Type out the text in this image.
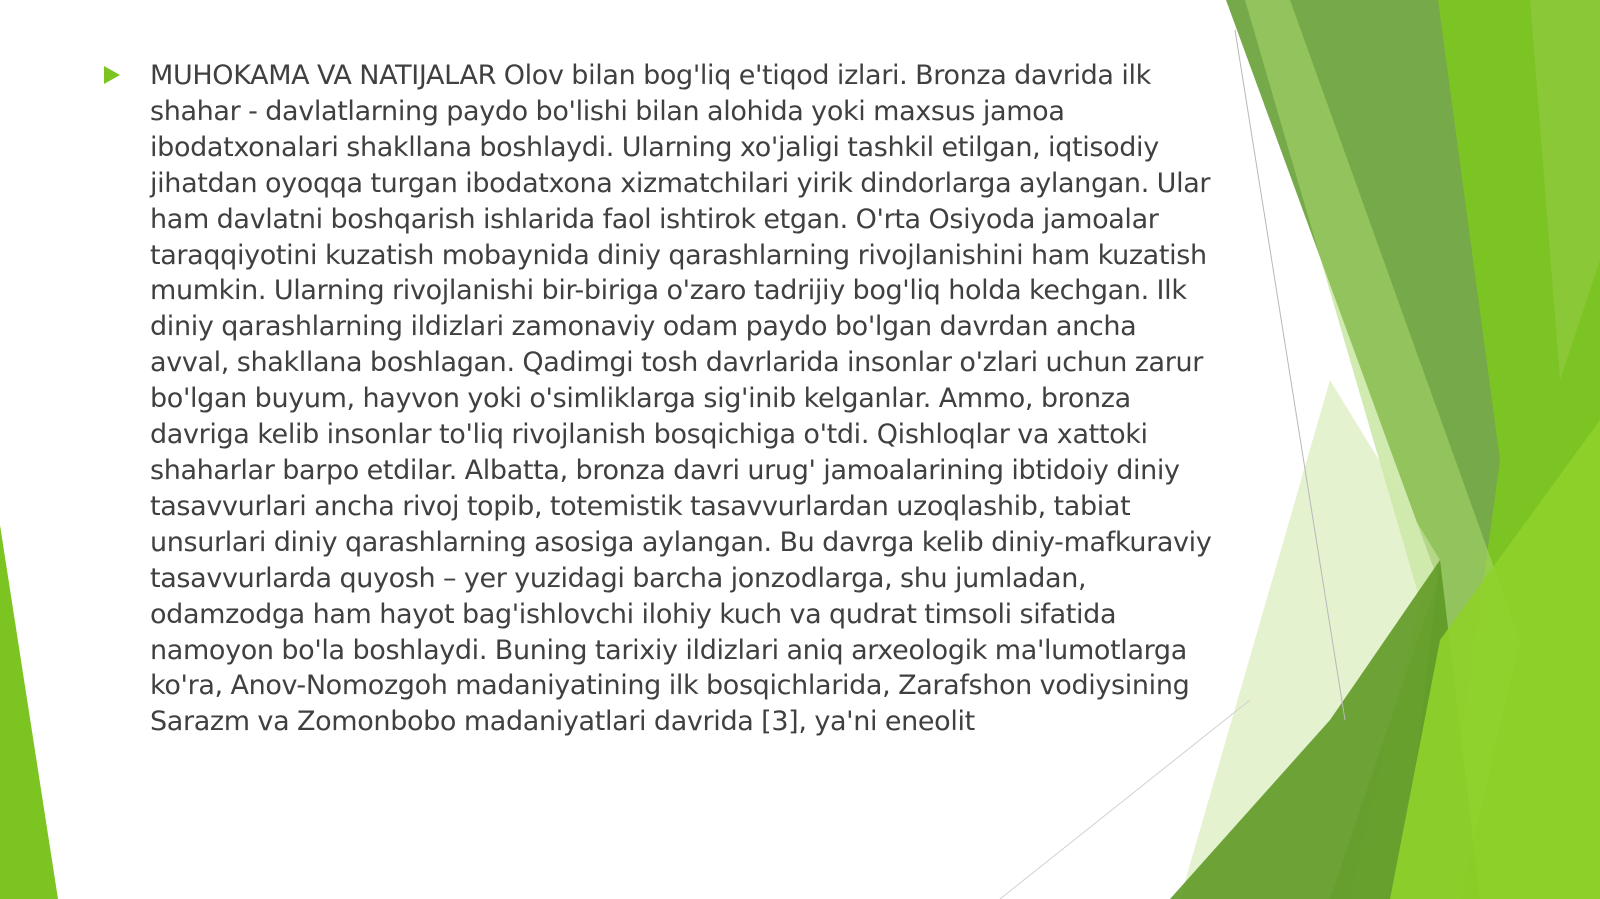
MUHOKAMA VA NATIJALAR Olov bilan bog'liq e'tiqod izlari. Bronza davrida ilk shahar - davlatlarning paydo bo'lishi bilan alohida yoki maxsus jamoa ibodatxonalari shakllana boshlaydi. Ularning xo'jaligi tashkil etilgan, iqtisodiy jihatdan oyoqqa turgan ibodatxona xizmatchilari yirik dindorlarga aylangan. Ular ham davlatni boshqarish ishlarida faol ishtirok etgan. O'rta Osiyoda jamoalar taraqqiyotini kuzatish mobaynida diniy qarashlarning rivojlanishini ham kuzatish mumkin. Ularning rivojlanishi bir-biriga o'zaro tadrijiy bog'liq holda kechgan. Ilk diniy qarashlarning ildizlari zamonaviy odam paydo bo'lgan davrdan ancha avval, shakllana boshlagan. Qadimgi tosh davrlarida insonlar o'zlari uchun zarur bo'lgan buyum, hayvon yoki o'simliklarga sig'inib kelganlar. Ammo, bronza davriga kelib insonlar to'liq rivojlanish bosqichiga o'tdi. Qishloqlar va xattoki shaharlar barpo etdilar. Albatta, bronza davri urug' jamoalarining ibtidoiy diniy tasavvurlari ancha rivoj topib, totemistik tasavvurlardan uzoqlashib, tabiat unsurlari diniy qarashlarning asosiga aylangan. Bu davrga kelib diniy-mafkuraviy tasavvurlarda quyosh – yer yuzidagi barcha jonzodlarga, shu jumladan, odamzodga ham hayot bag'ishlovchi ilohiy kuch va qudrat timsoli sifatida namoyon bo'la boshlaydi. Buning tarixiy ildizlari aniq arxeologik ma'lumotlarga ko'ra, Anov-Nomozgoh madaniyatining ilk bosqichlarida, Zarafshon vodiysining Sarazm va Zomonbobo madaniyatlari davrida [3], ya'ni eneolit
